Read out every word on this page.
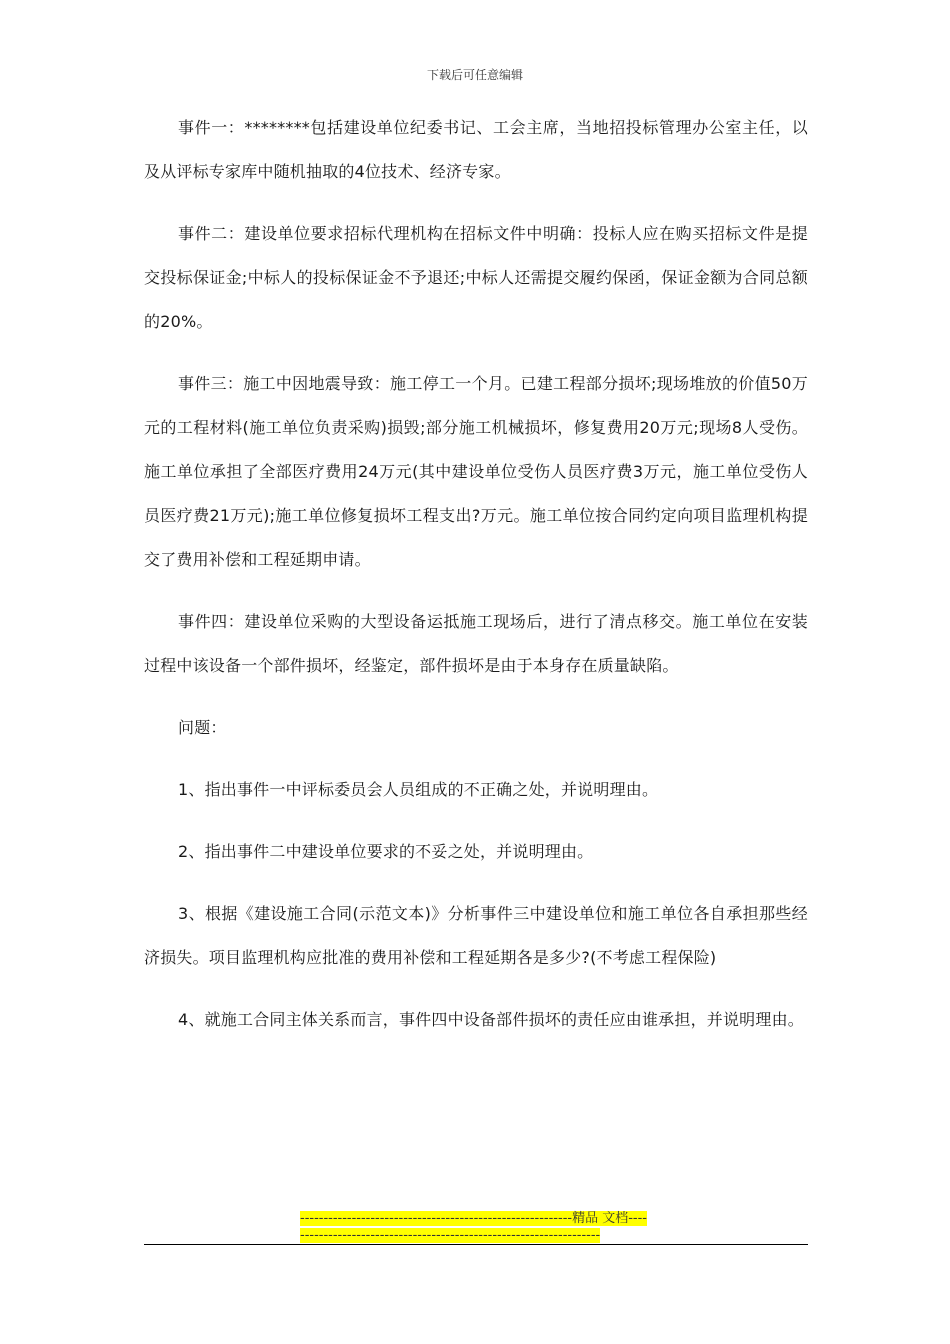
下载后可任意编辑

事件一：********包括建设单位纪委书记、工会主席，当地招投标管理办公室主任，以及从评标专家库中随机抽取的4位技术、经济专家。

事件二：建设单位要求招标代理机构在招标文件中明确：投标人应在购买招标文件是提交投标保证金;中标人的投标保证金不予退还;中标人还需提交履约保函，保证金额为合同总额的20%。

事件三：施工中因地震导致：施工停工一个月。已建工程部分损坏;现场堆放的价值50万元的工程材料(施工单位负责采购)损毁;部分施工机械损坏，修复费用20万元;现场8人受伤。施工单位承担了全部医疗费用24万元(其中建设单位受伤人员医疗费3万元，施工单位受伤人员医疗费21万元);施工单位修复损坏工程支出?万元。施工单位按合同约定向项目监理机构提交了费用补偿和工程延期申请。

事件四：建设单位采购的大型设备运抵施工现场后，进行了清点移交。施工单位在安装过程中该设备一个部件损坏，经鉴定，部件损坏是由于本身存在质量缺陷。

问题：

1、指出事件一中评标委员会人员组成的不正确之处，并说明理由。

2、指出事件二中建设单位要求的不妥之处，并说明理由。

3、根据《建设施工合同(示范文本)》分析事件三中建设单位和施工单位各自承担那些经济损失。项目监理机构应批准的费用补偿和工程延期各是多少?(不考虑工程保险)

4、就施工合同主体关系而言，事件四中设备部件损坏的责任应由谁承担，并说明理由。

----------------------------------------------------------精品 文档--------------------------------------------------------------------
